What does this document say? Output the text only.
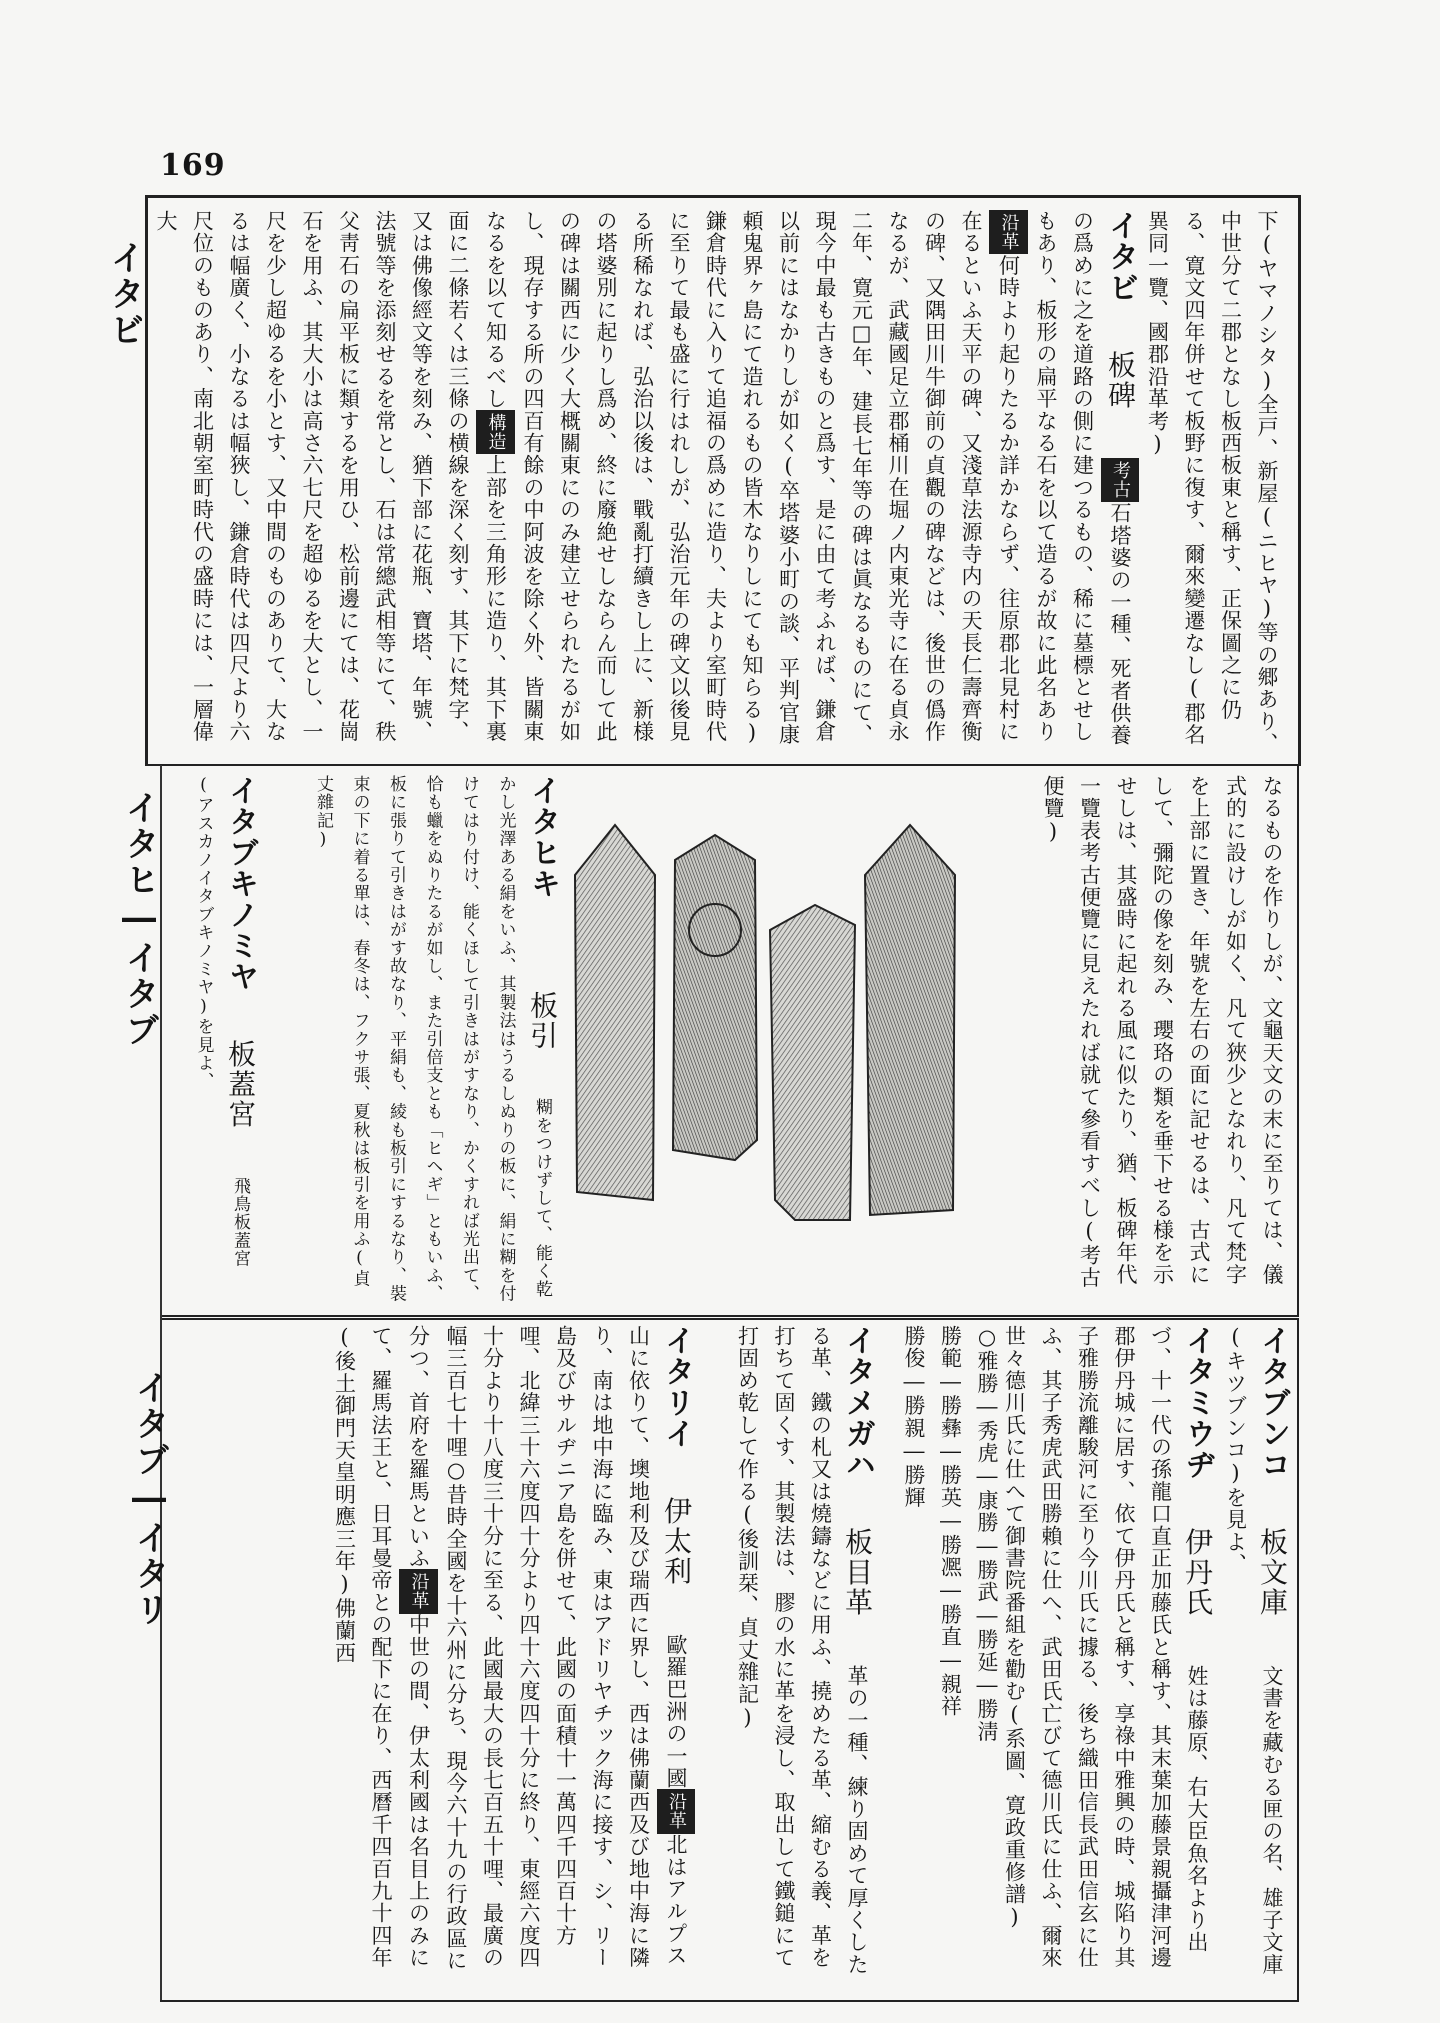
169
イタビ
イタヒ―イタブ
イタブ―イタリ
下(ヤマノシタ)全戸、新屋(ニヒヤ)等の郷あり、中世分て二郡となし板西板東と稱す、正保圖之に仍る、寛文四年併せて板野に復す、爾來變遷なし(郡名異同一覽、國郡沿革考)
イタビ　 板碑　 考古石塔婆の一種、死者供養の爲めに之を道路の側に建つるもの、稀に墓標とせしもあり、板形の扁平なる石を以て造るが故に此名あり沿革何時より起りたるか詳かならず、往原郡北見村に在るといふ天平の碑、又淺草法源寺内の天長仁壽齊衡の碑、又隅田川牛御前の貞觀の碑などは、後世の僞作なるが、武藏國足立郡桶川在堀ノ内東光寺に在る貞永二年、寛元□年、建長七年等の碑は眞なるものにて、現今中最も古きものと爲す、是に由て考ふれば、鎌倉以前にはなかりしが如く(卒塔婆小町の談、平判官康頼鬼界ヶ島にて造れるもの皆木なりしにても知らる)鎌倉時代に入りて追福の爲めに造り、夫より室町時代に至りて最も盛に行はれしが、弘治元年の碑文以後見る所稀なれば、弘治以後は、戰亂打續きし上に、新様の塔婆別に起りし爲め、終に廢絶せしならん而して此の碑は關西に少く大概關東にのみ建立せられたるが如し、現存する所の四百有餘の中阿波を除く外、皆關東なるを以て知るべし構造上部を三角形に造り、其下裏面に二條若くは三條の横線を深く刻す、其下に梵字、又は佛像經文等を刻み、猶下部に花瓶、寶塔、年號、法號等を添刻せるを常とし、石は常總武相等にて、秩父靑石の扁平板に類するを用ひ、松前邊にては、花崗石を用ふ、其大小は高さ六七尺を超ゆるを大とし、一尺を少し超ゆるを小とす、又中間のものありて、大なるは幅廣く、小なるは幅狹し、鎌倉時代は四尺より六尺位のものあり、南北朝室町時代の盛時には、一層偉大
なるものを作りしが、文龜天文の末に至りては、儀式的に設けしが如く、凡て狹少となれり、凡て梵字を上部に置き、年號を左右の面に記せるは、古式にして、彌陀の像を刻み、瓔珞の類を垂下せる様を示せしは、其盛時に起れる風に似たり、猶、板碑年代一覽表考古便覽に見えたれば就て參看すべし(考古便覽)
イタヒキ　　　 板引　 糊をつけずして、能く乾かし光澤ある絹をいふ、其製法はうるしぬりの板に、絹に糊を付けてはり付け、能くほして引きはがすなり、かくすれば光出て、恰も蠟をぬりたるが如し、また引倍支とも「ヒヘギ」ともいふ、板に張りて引きはがす故なり、平絹も、綾も板引にするなり、裝束の下に着る單は、春冬は、フクサ張、夏秋は板引を用ふ(貞丈雜記)
イタブキノミヤ　 板蓋宮　 飛鳥板蓋宮(アスカノイタブキノミヤ)を見よ、
イタブンコ　 板文庫　 文書を藏むる匣の名、雄子文庫(キツブンコ)を見よ、
イタミウヂ　 伊丹氏　 姓は藤原、右大臣魚名より出づ、十一代の孫龍口直正加藤氏と稱す、其末葉加藤景親攝津河邊郡伊丹城に居す、依て伊丹氏と稱す、享祿中雅興の時、城陷り其子雅勝流離駿河に至り今川氏に據る、後ち織田信長武田信玄に仕ふ、其子秀虎武田勝賴に仕へ、武田氏亡びて德川氏に仕ふ、爾來世々德川氏に仕へて御書院番組を勸む(系圖、寛政重修譜)
○雅勝―秀虎―康勝―勝武―勝延―勝淸
勝範―勝彝―勝英―勝凞―勝直―親祥
勝俊―勝親―勝輝
イタメガハ　 板目革　 革の一種、練り固めて厚くしたる革、鐵の札又は燒鑄などに用ふ、撓めたる革、縮むる義、革を打ちて固くす、其製法は、膠の水に革を浸し、取出して鐵鎚にて打固め乾して作る(後訓栞、貞丈雜記)
イタリイ　 伊太利　 歐羅巴洲の一國沿革北はアルプス山に依りて、墺地利及び瑞西に界し、西は佛蘭西及び地中海に隣り、南は地中海に臨み、東はアドリヤチック海に接す、シ、リー島及びサルヂニア島を併せて、此國の面積十一萬四千四百十方哩、北緯三十六度四十分より四十六度四十分に終り、東經六度四十分より十八度三十分に至る、此國最大の長七百五十哩、最廣の幅三百七十哩○昔時全國を十六州に分ち、現今六十九の行政區に分つ、首府を羅馬といふ沿革中世の間、伊太利國は名目上のみにて、羅馬法王と、日耳曼帝との配下に在り、西曆千四百九十四年(後土御門天皇明應三年)佛蘭西
